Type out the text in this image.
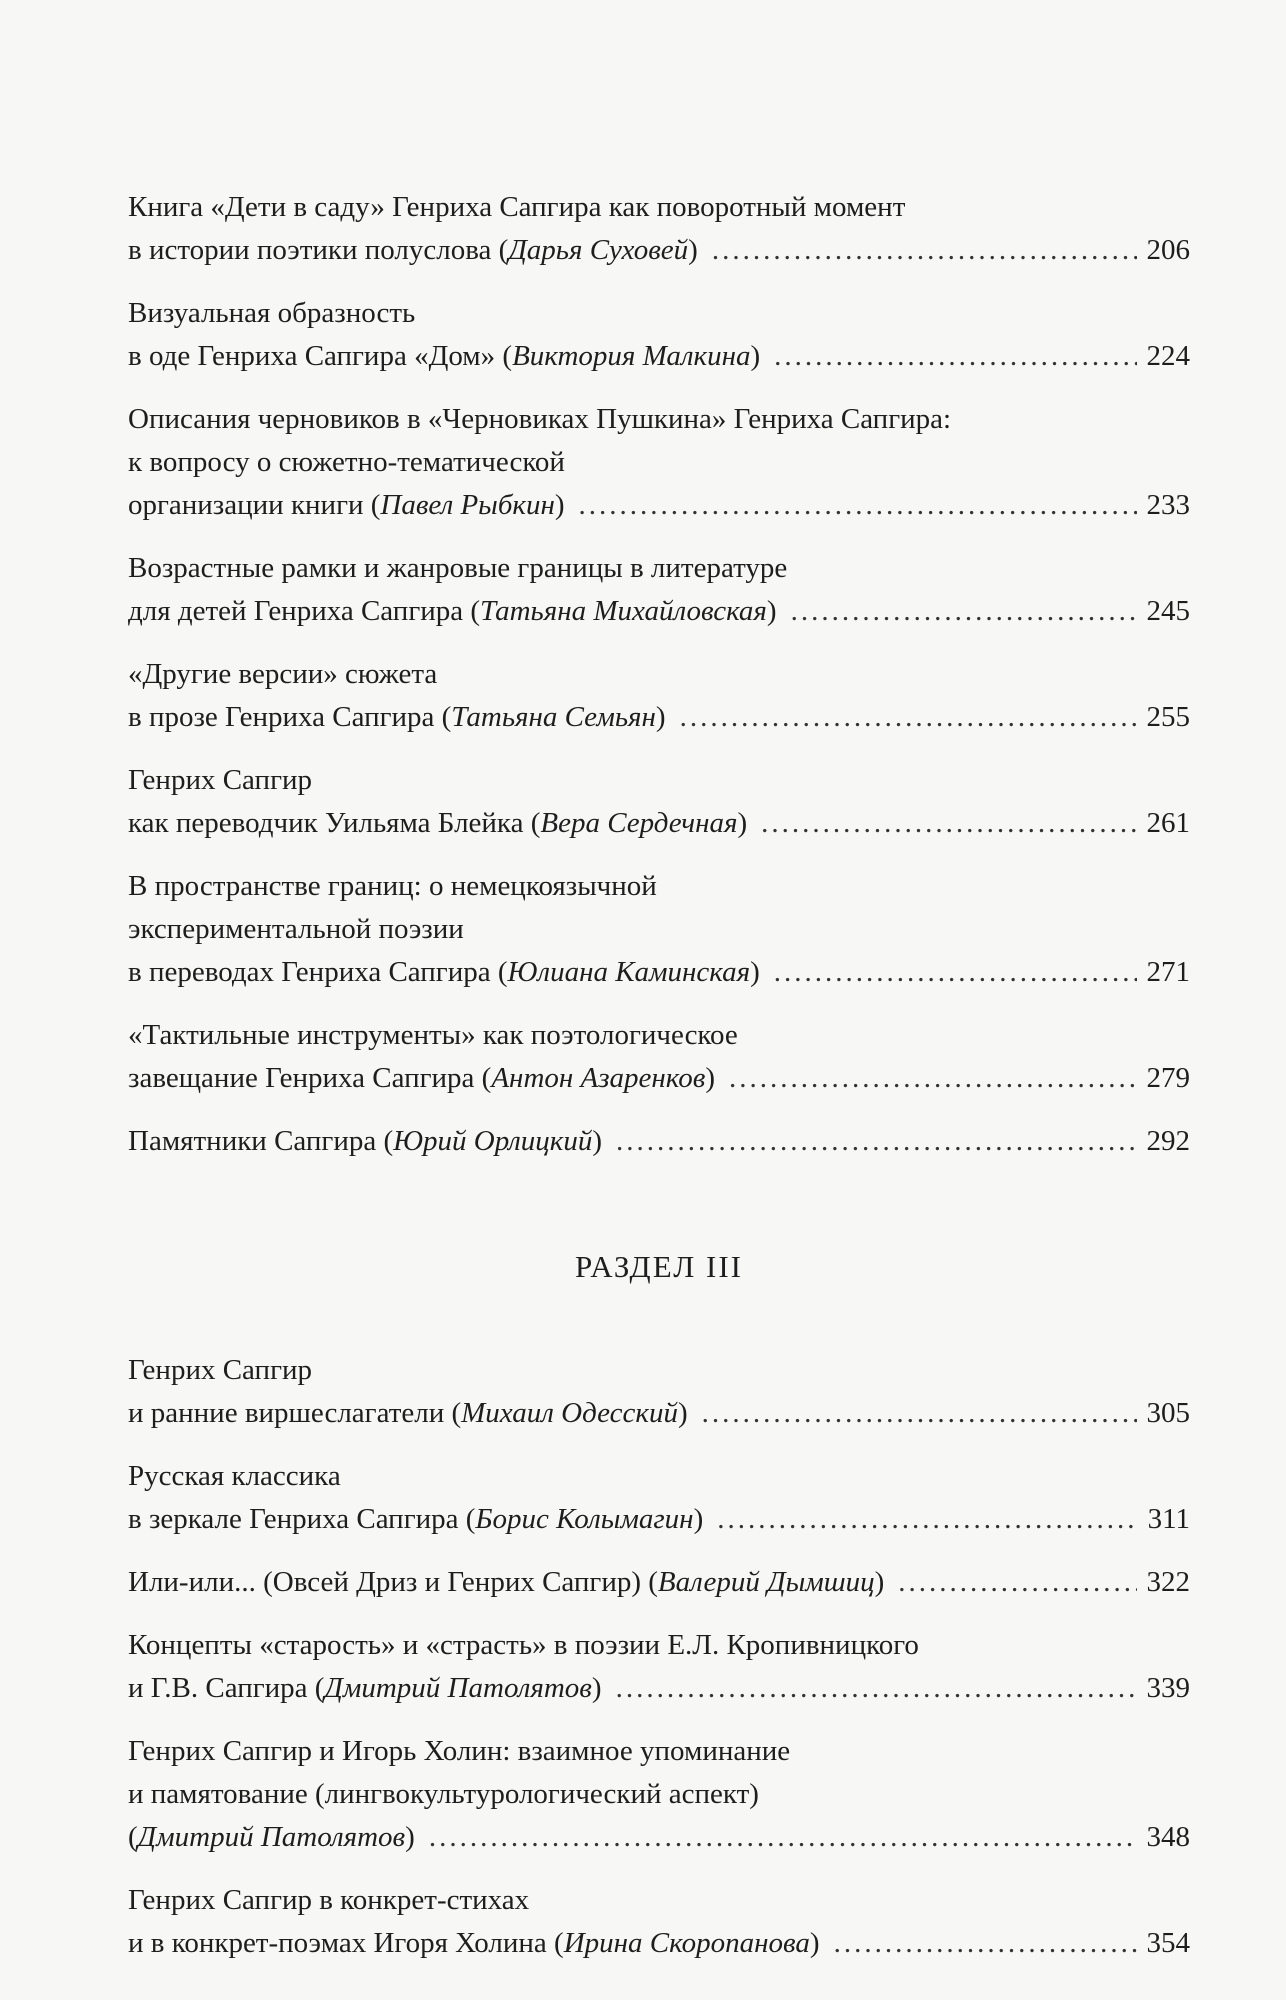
Книга «Дети в саду» Генриха Сапгира как поворотный момент
в истории поэтики полуслова (Дарья Суховей) .....	206
Визуальная образность
в оде Генриха Сапгира «Дом» (Виктория Малкина) .....	224
Описания черновиков в «Черновиках Пушкина» Генриха Сапгира:
к вопросу о сюжетно-тематической
организации книги (Павел Рыбкин) .....	233
Возрастные рамки и жанровые границы в литературе
для детей Генриха Сапгира (Татьяна Михайловская) .....	245
«Другие версии» сюжета
в прозе Генриха Сапгира (Татьяна Семьян) .....	255
Генрих Сапгир
как переводчик Уильяма Блейка (Вера Сердечная) .....	261
В пространстве границ: о немецкоязычной
экспериментальной поэзии
в переводах Генриха Сапгира (Юлиана Каминская) .....	271
«Тактильные инструменты» как поэтологическое
завещание Генриха Сапгира (Антон Азаренков) .....	279
Памятники Сапгира (Юрий Орлицкий) .....	292
РАЗДЕЛ III
Генрих Сапгир
и ранние виршеслагатели (Михаил Одесский) .....	305
Русская классика
в зеркале Генриха Сапгира (Борис Колымагин) .....	311
Или-или... (Овсей Дриз и Генрих Сапгир) (Валерий Дымшиц) .....	322
Концепты «старость» и «страсть» в поэзии Е.Л. Кропивницкого
и Г.В. Сапгира (Дмитрий Патолятов) .....	339
Генрих Сапгир и Игорь Холин: взаимное упоминание
и памятование (лингвокультурологический аспект)
(Дмитрий Патолятов) .....	348
Генрих Сапгир в конкрет-стихах
и в конкрет-поэмах Игоря Холина (Ирина Скоропанова) .....	354
